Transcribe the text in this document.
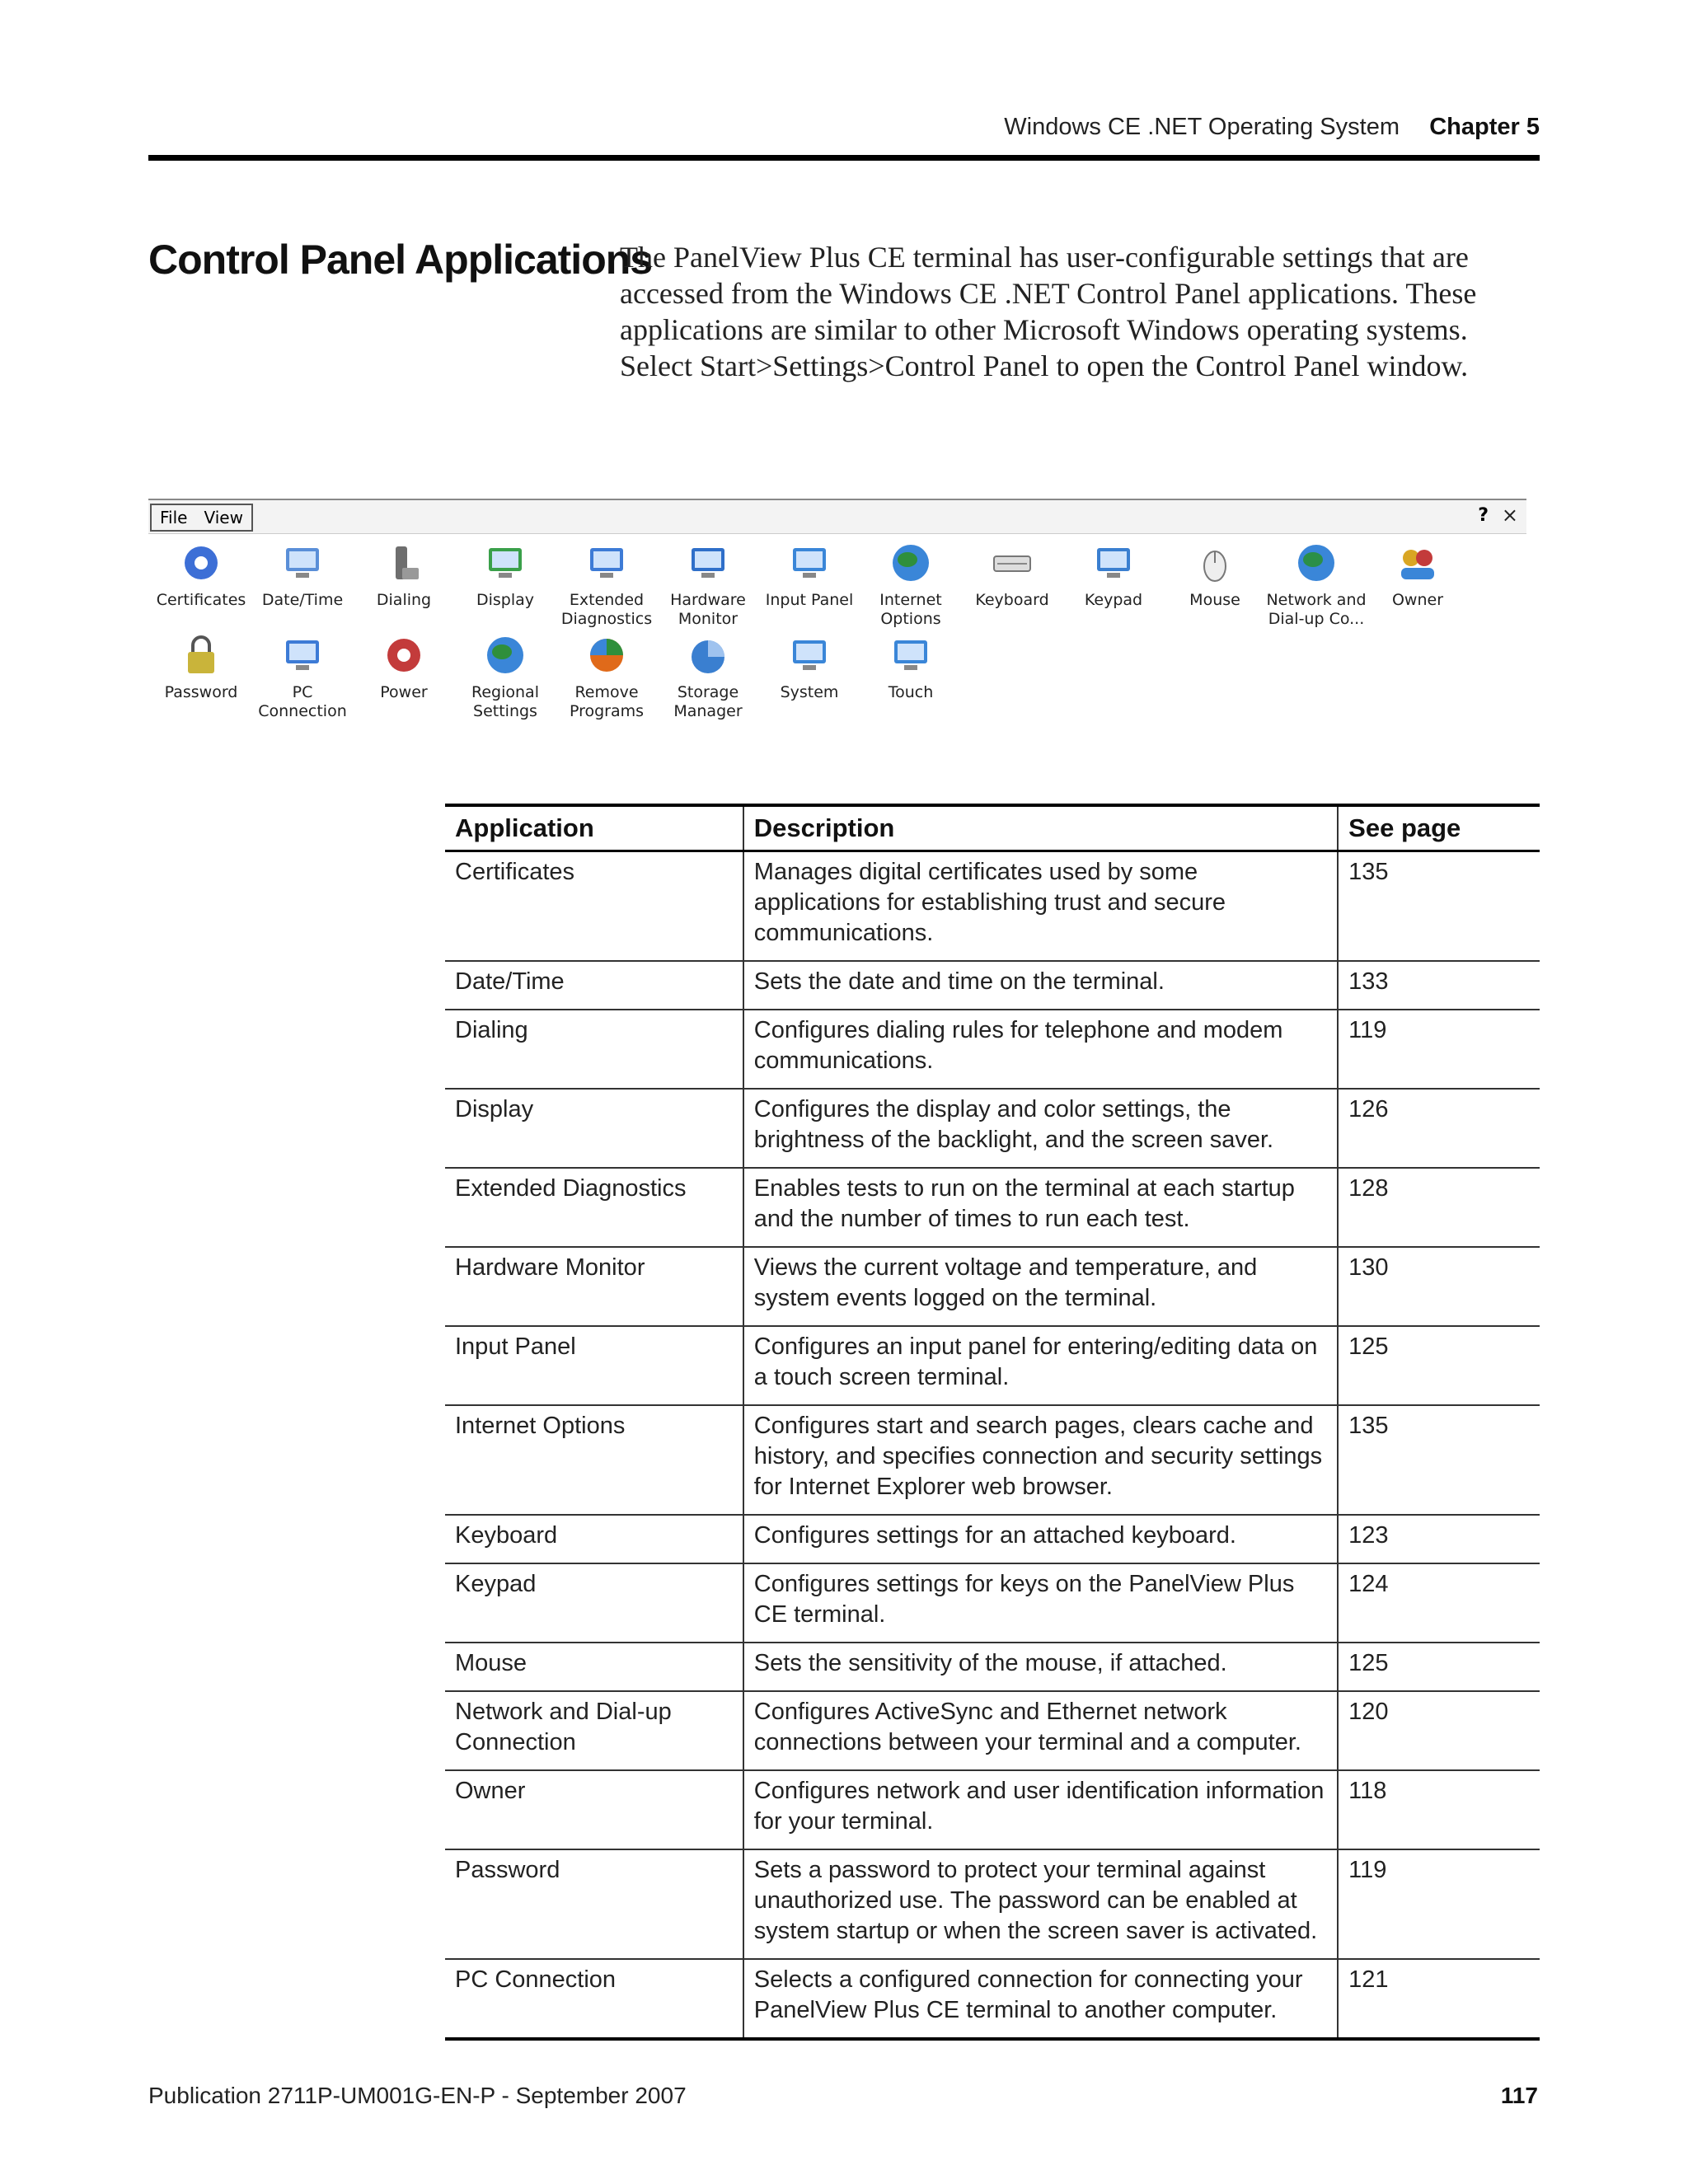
Windows CE .NET Operating System Chapter 5
Control Panel Applications

The PanelView Plus CE terminal has user-configurable settings that are accessed from the Windows CE .NET Control Panel applications. These applications are similar to other Microsoft Windows operating systems. Select Start>Settings>Control Panel to open the Control Panel window.

File	View	? ×
Certificates	Date/Time	Dialing	Display	Extended Diagnostics
Hardware Monitor
Input Panel	Internet Options
Keyboard	Keypad	Mouse	Network and Dial-up Co...
Owner
Password	PC Connection
Power	Regional Settings
Remove Programs
Storage Manager
System	Touch
Application	Description	See page
Certificates	Manages digital certificates used by some applications for establishing trust and secure communications.	135
Date/Time	Sets the date and time on the terminal.	133
Dialing	Configures dialing rules for telephone and modem communications.	119
Display	Configures the display and color settings, the brightness of the backlight, and the screen saver.	126
Extended Diagnostics	Enables tests to run on the terminal at each startup and the number of times to run each test.	128
Hardware Monitor	Views the current voltage and temperature, and system events logged on the terminal.	130
Input Panel	Configures an input panel for entering/editing data on a touch screen terminal.	125
Internet Options	Configures start and search pages, clears cache and history, and specifies connection and security settings for Internet Explorer web browser.	135
Keyboard	Configures settings for an attached keyboard.	123
Keypad	Configures settings for keys on the PanelView Plus CE terminal.	124
Mouse	Sets the sensitivity of the mouse, if attached.	125
Network and Dial-up Connection	Configures ActiveSync and Ethernet network connections between your terminal and a computer.	120
Owner	Configures network and user identification information for your terminal.	118
Password	Sets a password to protect your terminal against unauthorized use. The password can be enabled at system startup or when the screen saver is activated.	119
PC Connection	Selects a configured connection for connecting your PanelView Plus CE terminal to another computer.	121
Publication 2711P-UM001G-EN-P - September 2007	117
